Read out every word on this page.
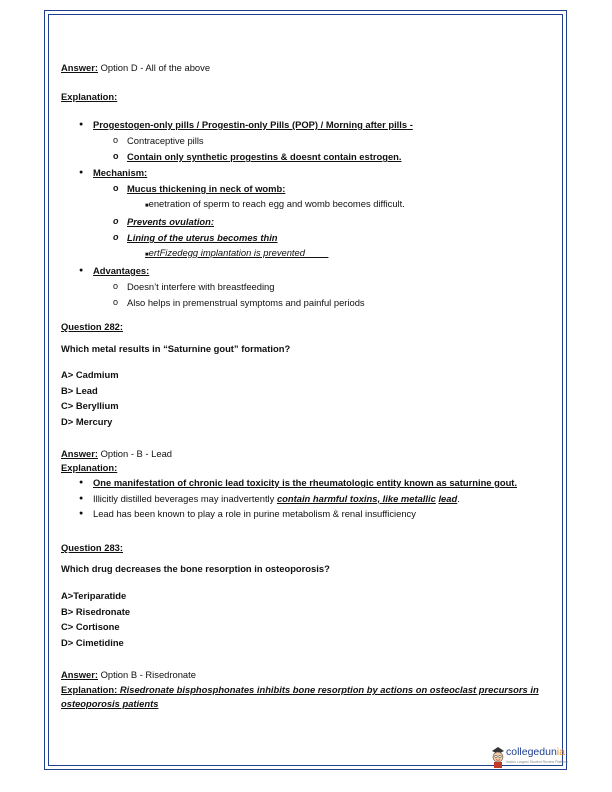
Answer: Option D - All of the above
Explanation:
● Progestogen-only pills / Progestin-only Pills (POP) / Morning after pills -
o Contraceptive pills
o Contain only synthetic progestins & doesnt contain estrogen.
● Mechanism:
o Mucus thickening in neck of womb:
■enetration of sperm to reach egg and womb becomes difficult.
o Prevents ovulation:
o Lining of the uterus becomes thin
■ertFizedegg implantation is prevented
● Advantages:
o Doesn’t interfere with breastfeeding
o Also helps in premenstrual symptoms and painful periods
Question 282:
Which metal results in “Saturnine gout” formation?
A> Cadmium
B> Lead
C> Beryllium
D> Mercury
Answer: Option - B - Lead
Explanation:
● One manifestation of chronic lead toxicity is the rheumatologic entity known as saturnine gout.
● Illicitly distilled beverages may inadvertently contain harmful toxins, like metallic lead.
● Lead has been known to play a role in purine metabolism & renal insufficiency
Question 283:
Which drug decreases the bone resorption in osteoporosis?
A>Teriparatide
B> Risedronate
C> Cortisone
D> Cimetidine
Answer: Option B - Risedronate
Explanation: Risedronate bisphosphonates inhibits bone resorption by actions on osteoclast precursors in
osteoporosis patients
collegedunia
India's Largest Student Review Platform
